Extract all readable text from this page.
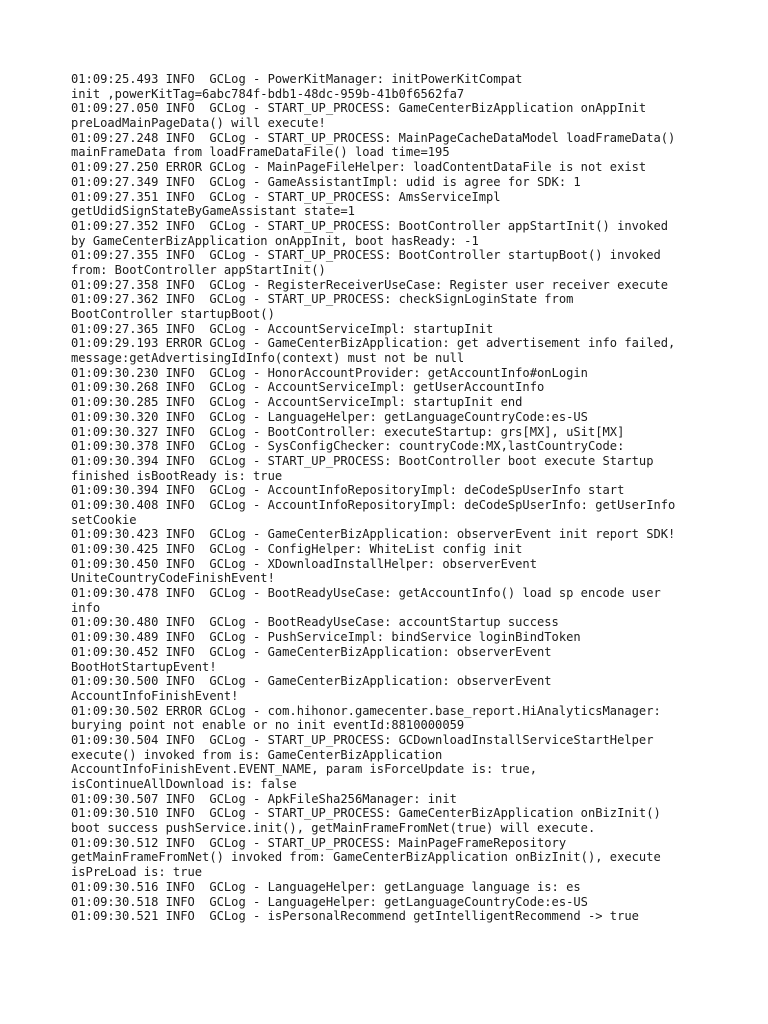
01:09:25.493 INFO  GCLog - PowerKitManager: initPowerKitCompat
init ,powerKitTag=6abc784f-bdb1-48dc-959b-41b0f6562fa7
01:09:27.050 INFO  GCLog - START_UP_PROCESS: GameCenterBizApplication onAppInit
preLoadMainPageData() will execute!
01:09:27.248 INFO  GCLog - START_UP_PROCESS: MainPageCacheDataModel loadFrameData()
mainFrameData from loadFrameDataFile() load time=195
01:09:27.250 ERROR GCLog - MainPageFileHelper: loadContentDataFile is not exist
01:09:27.349 INFO  GCLog - GameAssistantImpl: udid is agree for SDK: 1
01:09:27.351 INFO  GCLog - START_UP_PROCESS: AmsServiceImpl
getUdidSignStateByGameAssistant state=1
01:09:27.352 INFO  GCLog - START_UP_PROCESS: BootController appStartInit() invoked
by GameCenterBizApplication onAppInit, boot hasReady: -1
01:09:27.355 INFO  GCLog - START_UP_PROCESS: BootController startupBoot() invoked
from: BootController appStartInit()
01:09:27.358 INFO  GCLog - RegisterReceiverUseCase: Register user receiver execute
01:09:27.362 INFO  GCLog - START_UP_PROCESS: checkSignLoginState from
BootController startupBoot()
01:09:27.365 INFO  GCLog - AccountServiceImpl: startupInit
01:09:29.193 ERROR GCLog - GameCenterBizApplication: get advertisement info failed,
message:getAdvertisingIdInfo(context) must not be null
01:09:30.230 INFO  GCLog - HonorAccountProvider: getAccountInfo#onLogin
01:09:30.268 INFO  GCLog - AccountServiceImpl: getUserAccountInfo
01:09:30.285 INFO  GCLog - AccountServiceImpl: startupInit end
01:09:30.320 INFO  GCLog - LanguageHelper: getLanguageCountryCode:es-US
01:09:30.327 INFO  GCLog - BootController: executeStartup: grs[MX], uSit[MX]
01:09:30.378 INFO  GCLog - SysConfigChecker: countryCode:MX,lastCountryCode:
01:09:30.394 INFO  GCLog - START_UP_PROCESS: BootController boot execute Startup
finished isBootReady is: true
01:09:30.394 INFO  GCLog - AccountInfoRepositoryImpl: deCodeSpUserInfo start
01:09:30.408 INFO  GCLog - AccountInfoRepositoryImpl: deCodeSpUserInfo: getUserInfo
setCookie
01:09:30.423 INFO  GCLog - GameCenterBizApplication: observerEvent init report SDK!
01:09:30.425 INFO  GCLog - ConfigHelper: WhiteList config init
01:09:30.450 INFO  GCLog - XDownloadInstallHelper: observerEvent
UniteCountryCodeFinishEvent!
01:09:30.478 INFO  GCLog - BootReadyUseCase: getAccountInfo() load sp encode user
info
01:09:30.480 INFO  GCLog - BootReadyUseCase: accountStartup success
01:09:30.489 INFO  GCLog - PushServiceImpl: bindService loginBindToken
01:09:30.452 INFO  GCLog - GameCenterBizApplication: observerEvent
BootHotStartupEvent!
01:09:30.500 INFO  GCLog - GameCenterBizApplication: observerEvent
AccountInfoFinishEvent!
01:09:30.502 ERROR GCLog - com.hihonor.gamecenter.base_report.HiAnalyticsManager:
burying point not enable or no init eventId:8810000059
01:09:30.504 INFO  GCLog - START_UP_PROCESS: GCDownloadInstallServiceStartHelper
execute() invoked from is: GameCenterBizApplication
AccountInfoFinishEvent.EVENT_NAME, param isForceUpdate is: true,
isContinueAllDownload is: false
01:09:30.507 INFO  GCLog - ApkFileSha256Manager: init
01:09:30.510 INFO  GCLog - START_UP_PROCESS: GameCenterBizApplication onBizInit()
boot success pushService.init(), getMainFrameFromNet(true) will execute.
01:09:30.512 INFO  GCLog - START_UP_PROCESS: MainPageFrameRepository
getMainFrameFromNet() invoked from: GameCenterBizApplication onBizInit(), execute
isPreLoad is: true
01:09:30.516 INFO  GCLog - LanguageHelper: getLanguage language is: es
01:09:30.518 INFO  GCLog - LanguageHelper: getLanguageCountryCode:es-US
01:09:30.521 INFO  GCLog - isPersonalRecommend getIntelligentRecommend -> true
